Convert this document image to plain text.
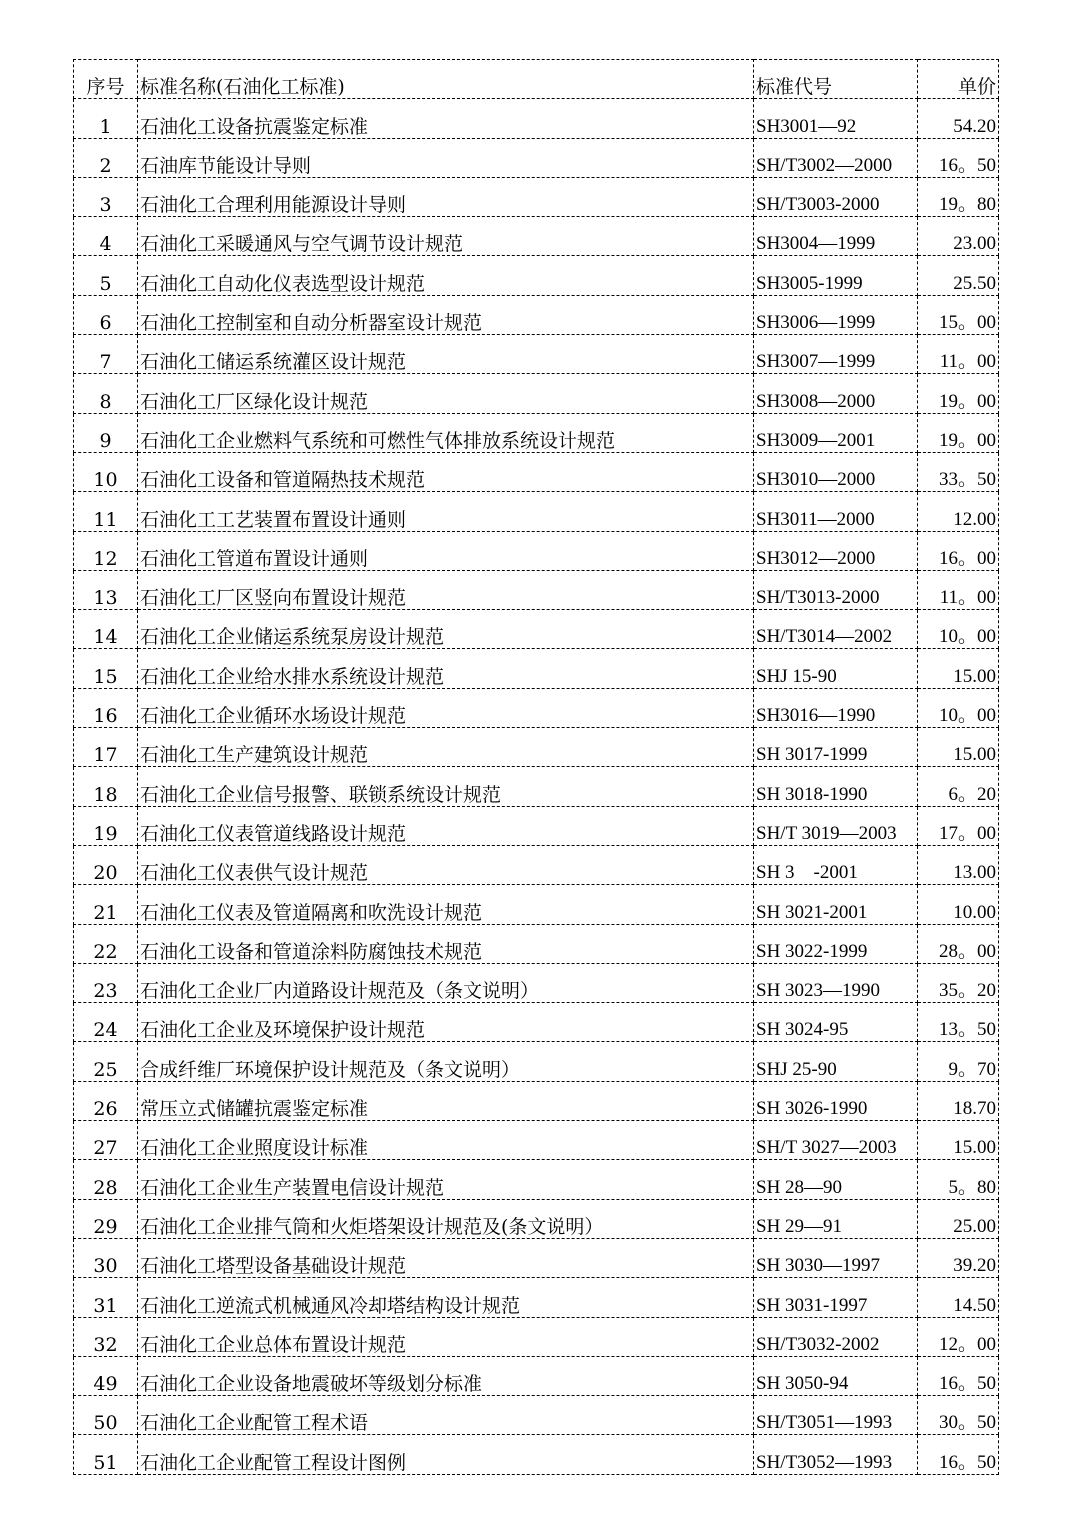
序号	标准名称(石油化工标准)	标准代号	单价
1	石油化工设备抗震鉴定标准	SH3001—92	54.20
2	石油库节能设计导则	SH/T3002—2000	16。50
3	石油化工合理利用能源设计导则	SH/T3003-2000	19。80
4	石油化工采暖通风与空气调节设计规范	SH3004—1999	23.00
5	石油化工自动化仪表选型设计规范	SH3005-1999	25.50
6	石油化工控制室和自动分析器室设计规范	SH3006—1999	15。00
7	石油化工储运系统灌区设计规范	SH3007—1999	11。00
8	石油化工厂区绿化设计规范	SH3008—2000	19。00
9	石油化工企业燃料气系统和可燃性气体排放系统设计规范	SH3009—2001	19。00
10	石油化工设备和管道隔热技术规范	SH3010—2000	33。50
11	石油化工工艺装置布置设计通则	SH3011—2000	12.00
12	石油化工管道布置设计通则	SH3012—2000	16。00
13	石油化工厂区竖向布置设计规范	SH/T3013-2000	11。00
14	石油化工企业储运系统泵房设计规范	SH/T3014—2002	10。00
15	石油化工企业给水排水系统设计规范	SHJ 15-90	15.00
16	石油化工企业循环水场设计规范	SH3016—1990	10。00
17	石油化工生产建筑设计规范	SH 3017-1999	15.00
18	石油化工企业信号报警、联锁系统设计规范	SH 3018-1990	6。20
19	石油化工仪表管道线路设计规范	SH/T 3019—2003	17。00
20	石油化工仪表供气设计规范	SH 3　-2001	13.00
21	石油化工仪表及管道隔离和吹洗设计规范	SH 3021-2001	10.00
22	石油化工设备和管道涂料防腐蚀技术规范	SH 3022-1999	28。00
23	石油化工企业厂内道路设计规范及（条文说明）	SH 3023—1990	35。20
24	石油化工企业及环境保护设计规范	SH 3024-95	13。50
25	合成纤维厂环境保护设计规范及（条文说明）	SHJ 25-90	9。70
26	常压立式储罐抗震鉴定标准	SH 3026-1990	18.70
27	石油化工企业照度设计标准	SH/T 3027—2003	15.00
28	石油化工企业生产装置电信设计规范	SH 28—90	5。80
29	石油化工企业排气筒和火炬塔架设计规范及(条文说明）	SH 29—91	25.00
30	石油化工塔型设备基础设计规范	SH 3030—1997	39.20
31	石油化工逆流式机械通风冷却塔结构设计规范	SH 3031-1997	14.50
32	石油化工企业总体布置设计规范	SH/T3032-2002	12。00
49	石油化工企业设备地震破坏等级划分标准	SH 3050-94	16。50
50	石油化工企业配管工程术语	SH/T3051—1993	30。50
51	石油化工企业配管工程设计图例	SH/T3052—1993	16。50
